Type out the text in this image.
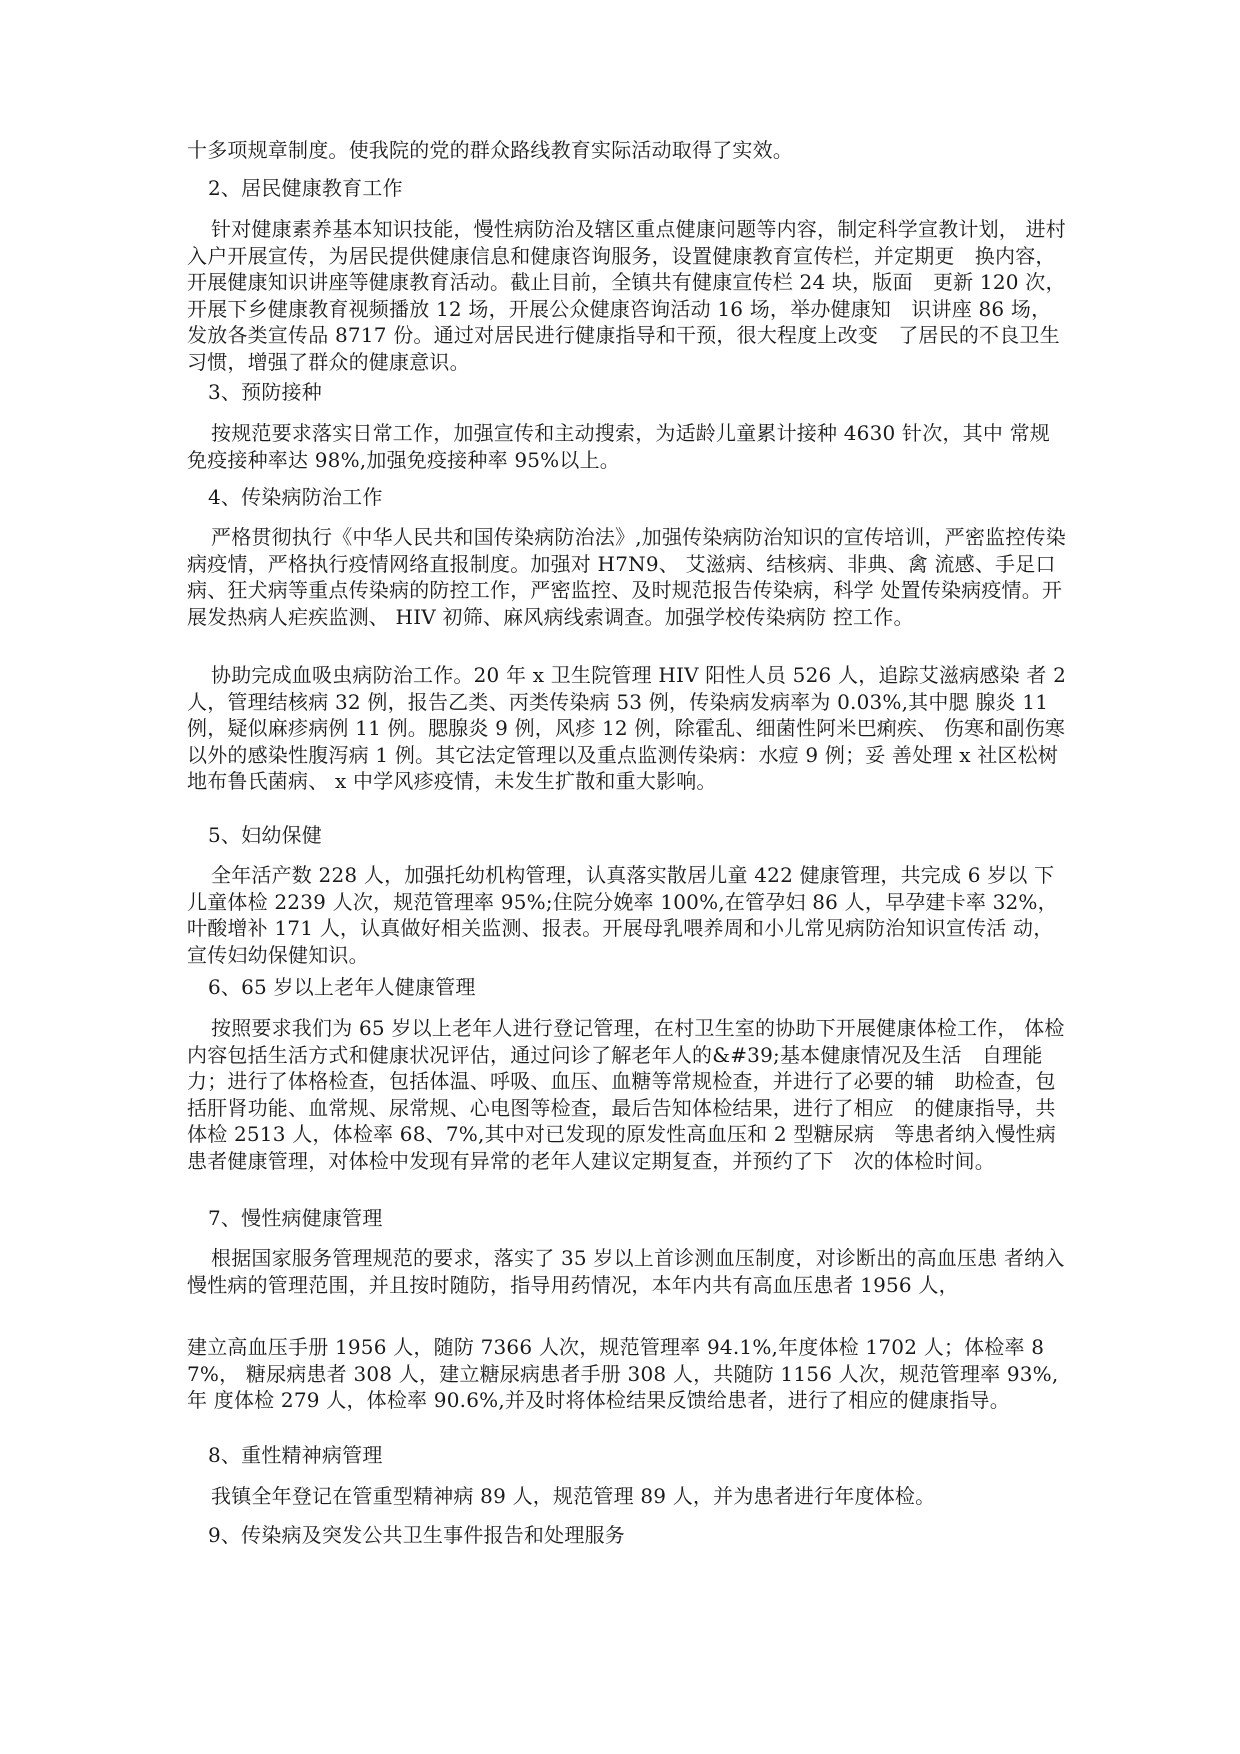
十多项规章制度。使我院的党的群众路线教育实际活动取得了实效。

2、居民健康教育工作

针对健康素养基本知识技能，慢性病防治及辖区重点健康问题等内容，制定科学宣教计划， 进村入户开展宣传，为居民提供健康信息和健康咨询服务，设置健康教育宣传栏，并定期更　换内容，开展健康知识讲座等健康教育活动。截止目前，全镇共有健康宣传栏 24 块，版面　更新 120 次，开展下乡健康教育视频播放 12 场，开展公众健康咨询活动 16 场，举办健康知　识讲座 86 场，发放各类宣传品 8717 份。通过对居民进行健康指导和干预，很大程度上改变　了居民的不良卫生习惯，增强了群众的健康意识。

3、预防接种

按规范要求落实日常工作，加强宣传和主动搜索，为适龄儿童累计接种 4630 针次，其中 常规免疫接种率达 98%,加强免疫接种率 95%以上。

4、传染病防治工作

严格贯彻执行《中华人民共和国传染病防治法》,加强传染病防治知识的宣传培训，严密监控传染病疫情，严格执行疫情网络直报制度。加强对 H7N9、 艾滋病、结核病、非典、禽 流感、手足口病、狂犬病等重点传染病的防控工作，严密监控、及时规范报告传染病，科学 处置传染病疫情。开展发热病人疟疾监测、 HIV 初筛、麻风病线索调查。加强学校传染病防 控工作。

协助完成血吸虫病防治工作。20 年 x 卫生院管理 HIV 阳性人员 526 人，追踪艾滋病感染 者 2 人，管理结核病 32 例，报告乙类、丙类传染病 53 例，传染病发病率为 0.03%,其中腮 腺炎 11 例，疑似麻疹病例 11 例。腮腺炎 9 例，风疹 12 例，除霍乱、细菌性阿米巴痢疾、 伤寒和副伤寒以外的感染性腹泻病 1 例。其它法定管理以及重点监测传染病：水痘 9 例；妥 善处理 x 社区松树地布鲁氏菌病、 x 中学风疹疫情，未发生扩散和重大影响。

5、妇幼保健

全年活产数 228 人，加强托幼机构管理，认真落实散居儿童 422 健康管理，共完成 6 岁以 下儿童体检 2239 人次，规范管理率 95%;住院分娩率 100%,在管孕妇 86 人，早孕建卡率 32%， 叶酸增补 171 人，认真做好相关监测、报表。开展母乳喂养周和小儿常见病防治知识宣传活 动，宣传妇幼保健知识。

6、65 岁以上老年人健康管理

按照要求我们为 65 岁以上老年人进行登记管理，在村卫生室的协助下开展健康体检工作， 体检内容包括生活方式和健康状况评估，通过问诊了解老年人的&#39;基本健康情况及生活　自理能力；进行了体格检查，包括体温、呼吸、血压、血糖等常规检查，并进行了必要的辅　助检查，包括肝肾功能、血常规、尿常规、心电图等检查，最后告知体检结果，进行了相应　的健康指导，共体检 2513 人，体检率 68、7%,其中对已发现的原发性高血压和 2 型糖尿病　等患者纳入慢性病患者健康管理，对体检中发现有异常的老年人建议定期复查，并预约了下　次的体检时间。

7、慢性病健康管理

根据国家服务管理规范的要求，落实了 35 岁以上首诊测血压制度，对诊断出的高血压患 者纳入慢性病的管理范围，并且按时随防，指导用药情况，本年内共有高血压患者 1956 人，

建立高血压手册 1956 人，随防 7366 人次，规范管理率 94.1%,年度体检 1702 人；体检率 87%， 糖尿病患者 308 人，建立糖尿病患者手册 308 人，共随防 1156 人次，规范管理率 93%,年 度体检 279 人，体检率 90.6%,并及时将体检结果反馈给患者，进行了相应的健康指导。

8、重性精神病管理

我镇全年登记在管重型精神病 89 人，规范管理 89 人，并为患者进行年度体检。

9、传染病及突发公共卫生事件报告和处理服务
